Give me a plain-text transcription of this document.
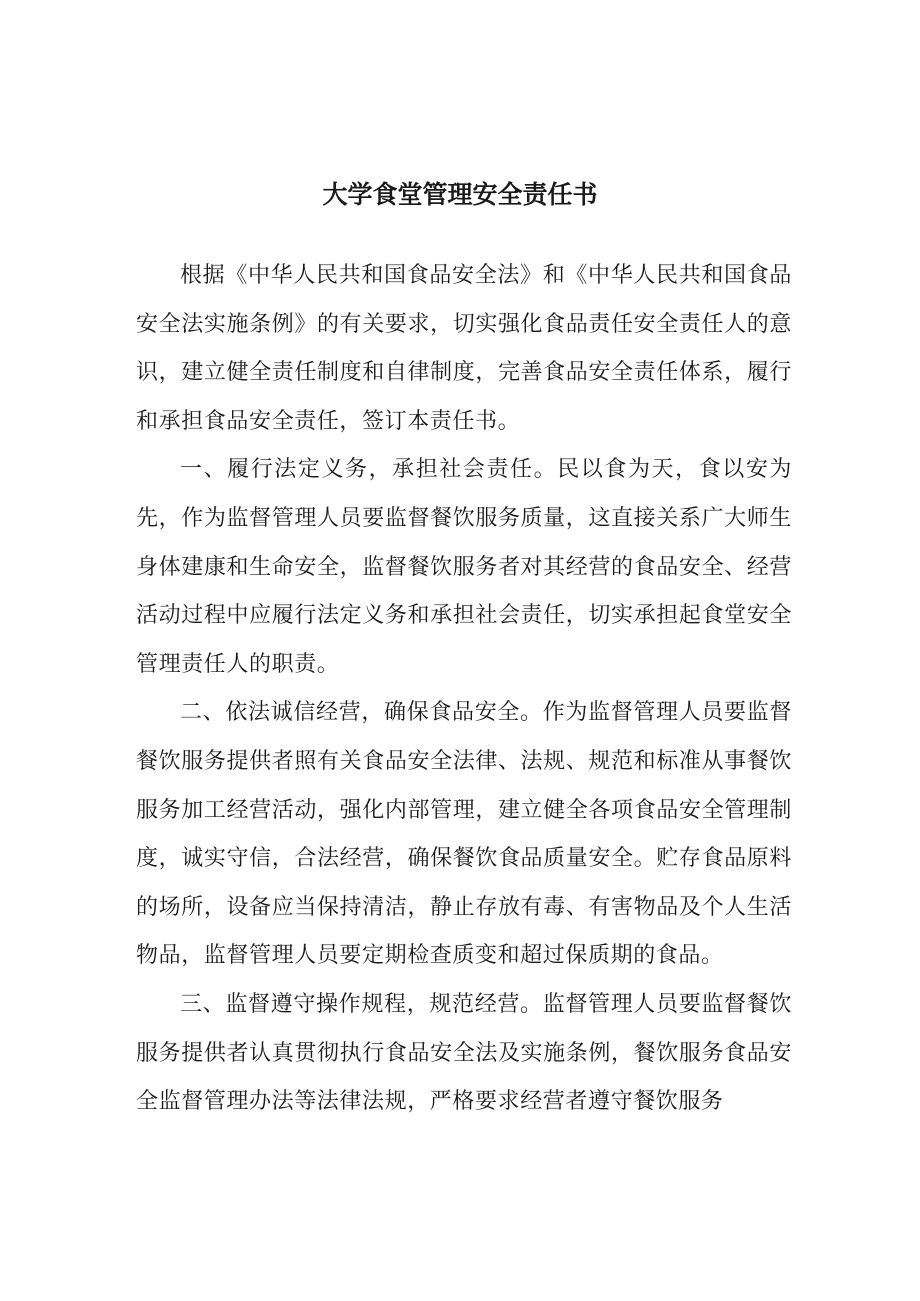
大学食堂管理安全责任书

根据《中华人民共和国食品安全法》和《中华人民共和国食品安全法实施条例》的有关要求，切实强化食品责任安全责任人的意识，建立健全责任制度和自律制度，完善食品安全责任体系，履行和承担食品安全责任，签订本责任书。

一、履行法定义务，承担社会责任。民以食为天，食以安为先，作为监督管理人员要监督餐饮服务质量，这直接关系广大师生身体建康和生命安全，监督餐饮服务者对其经营的食品安全、经营活动过程中应履行法定义务和承担社会责任，切实承担起食堂安全管理责任人的职责。

二、依法诚信经营，确保食品安全。作为监督管理人员要监督餐饮服务提供者照有关食品安全法律、法规、规范和标准从事餐饮服务加工经营活动，强化内部管理，建立健全各项食品安全管理制度，诚实守信，合法经营，确保餐饮食品质量安全。贮存食品原料的场所，设备应当保持清洁，静止存放有毒、有害物品及个人生活物品，监督管理人员要定期检查质变和超过保质期的食品。

三、监督遵守操作规程，规范经营。监督管理人员要监督餐饮服务提供者认真贯彻执行食品安全法及实施条例，餐饮服务食品安全监督管理办法等法律法规，严格要求经营者遵守餐饮服务
